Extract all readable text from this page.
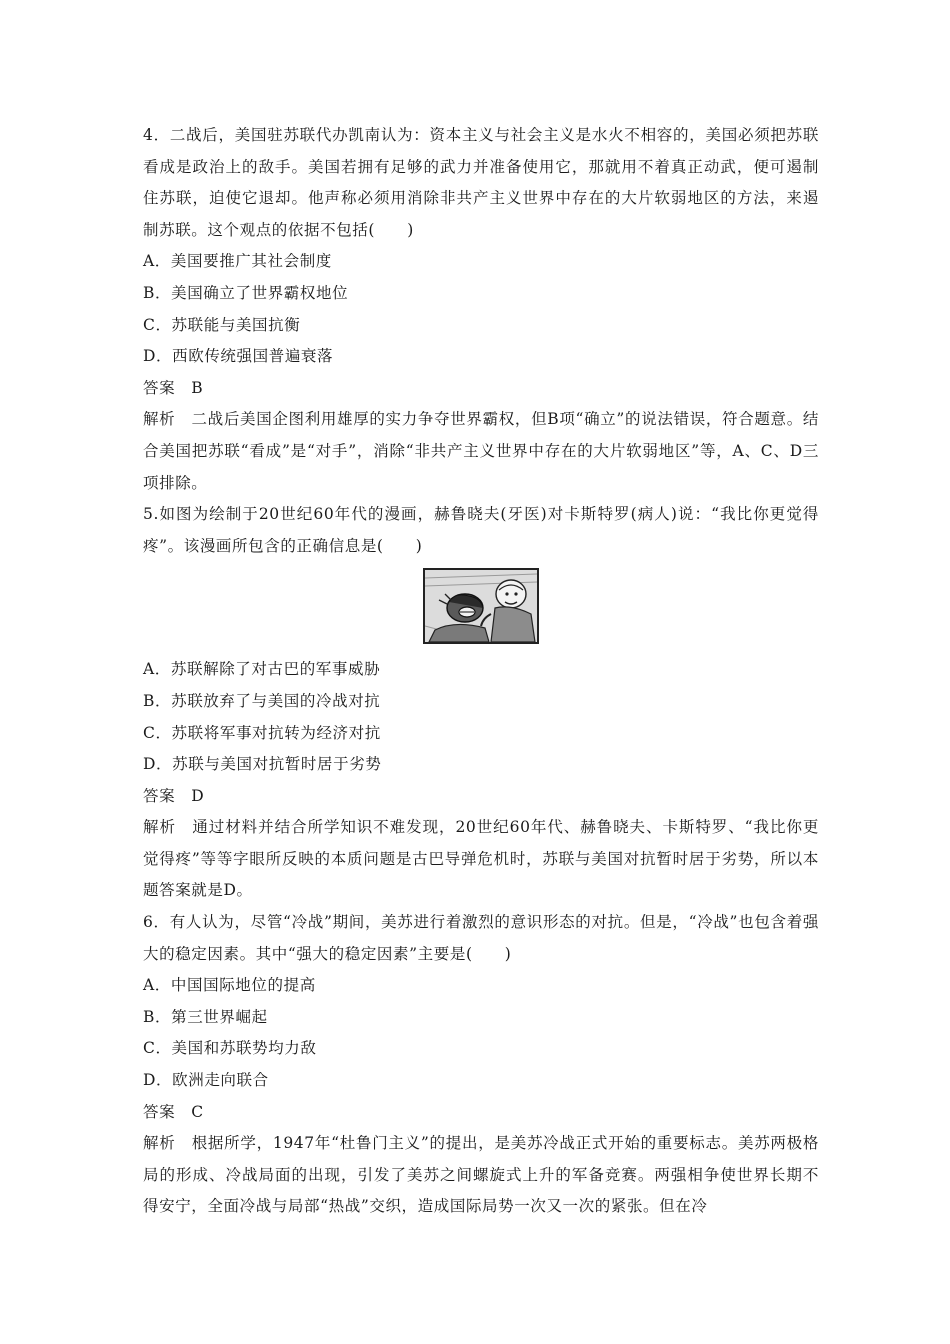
4．二战后，美国驻苏联代办凯南认为：资本主义与社会主义是水火不相容的，美国必须把苏联看成是政治上的敌手。美国若拥有足够的武力并准备使用它，那就用不着真正动武，便可遏制住苏联，迫使它退却。他声称必须用消除非共产主义世界中存在的大片软弱地区的方法，来遏制苏联。这个观点的依据不包括(　　)
A．美国要推广其社会制度
B．美国确立了世界霸权地位
C．苏联能与美国抗衡
D．西欧传统强国普遍衰落
答案　B
解析　二战后美国企图利用雄厚的实力争夺世界霸权，但B项“确立”的说法错误，符合题意。结合美国把苏联“看成”是“对手”，消除“非共产主义世界中存在的大片软弱地区”等，A、C、D三项排除。
5.如图为绘制于20世纪60年代的漫画，赫鲁晓夫(牙医)对卡斯特罗(病人)说：“我比你更觉得疼”。该漫画所包含的正确信息是(　　)
A．苏联解除了对古巴的军事威胁
B．苏联放弃了与美国的冷战对抗
C．苏联将军事对抗转为经济对抗
D．苏联与美国对抗暂时居于劣势
答案　D
解析　通过材料并结合所学知识不难发现，20世纪60年代、赫鲁晓夫、卡斯特罗、“我比你更觉得疼”等等字眼所反映的本质问题是古巴导弹危机时，苏联与美国对抗暂时居于劣势，所以本题答案就是D。
6．有人认为，尽管“冷战”期间，美苏进行着激烈的意识形态的对抗。但是，“冷战”也包含着强大的稳定因素。其中“强大的稳定因素”主要是(　　)
A．中国国际地位的提高
B．第三世界崛起
C．美国和苏联势均力敌
D．欧洲走向联合
答案　C
解析　根据所学，1947年“杜鲁门主义”的提出，是美苏冷战正式开始的重要标志。美苏两极格局的形成、冷战局面的出现，引发了美苏之间螺旋式上升的军备竞赛。两强相争使世界长期不得安宁，全面冷战与局部“热战”交织，造成国际局势一次又一次的紧张。但在冷
